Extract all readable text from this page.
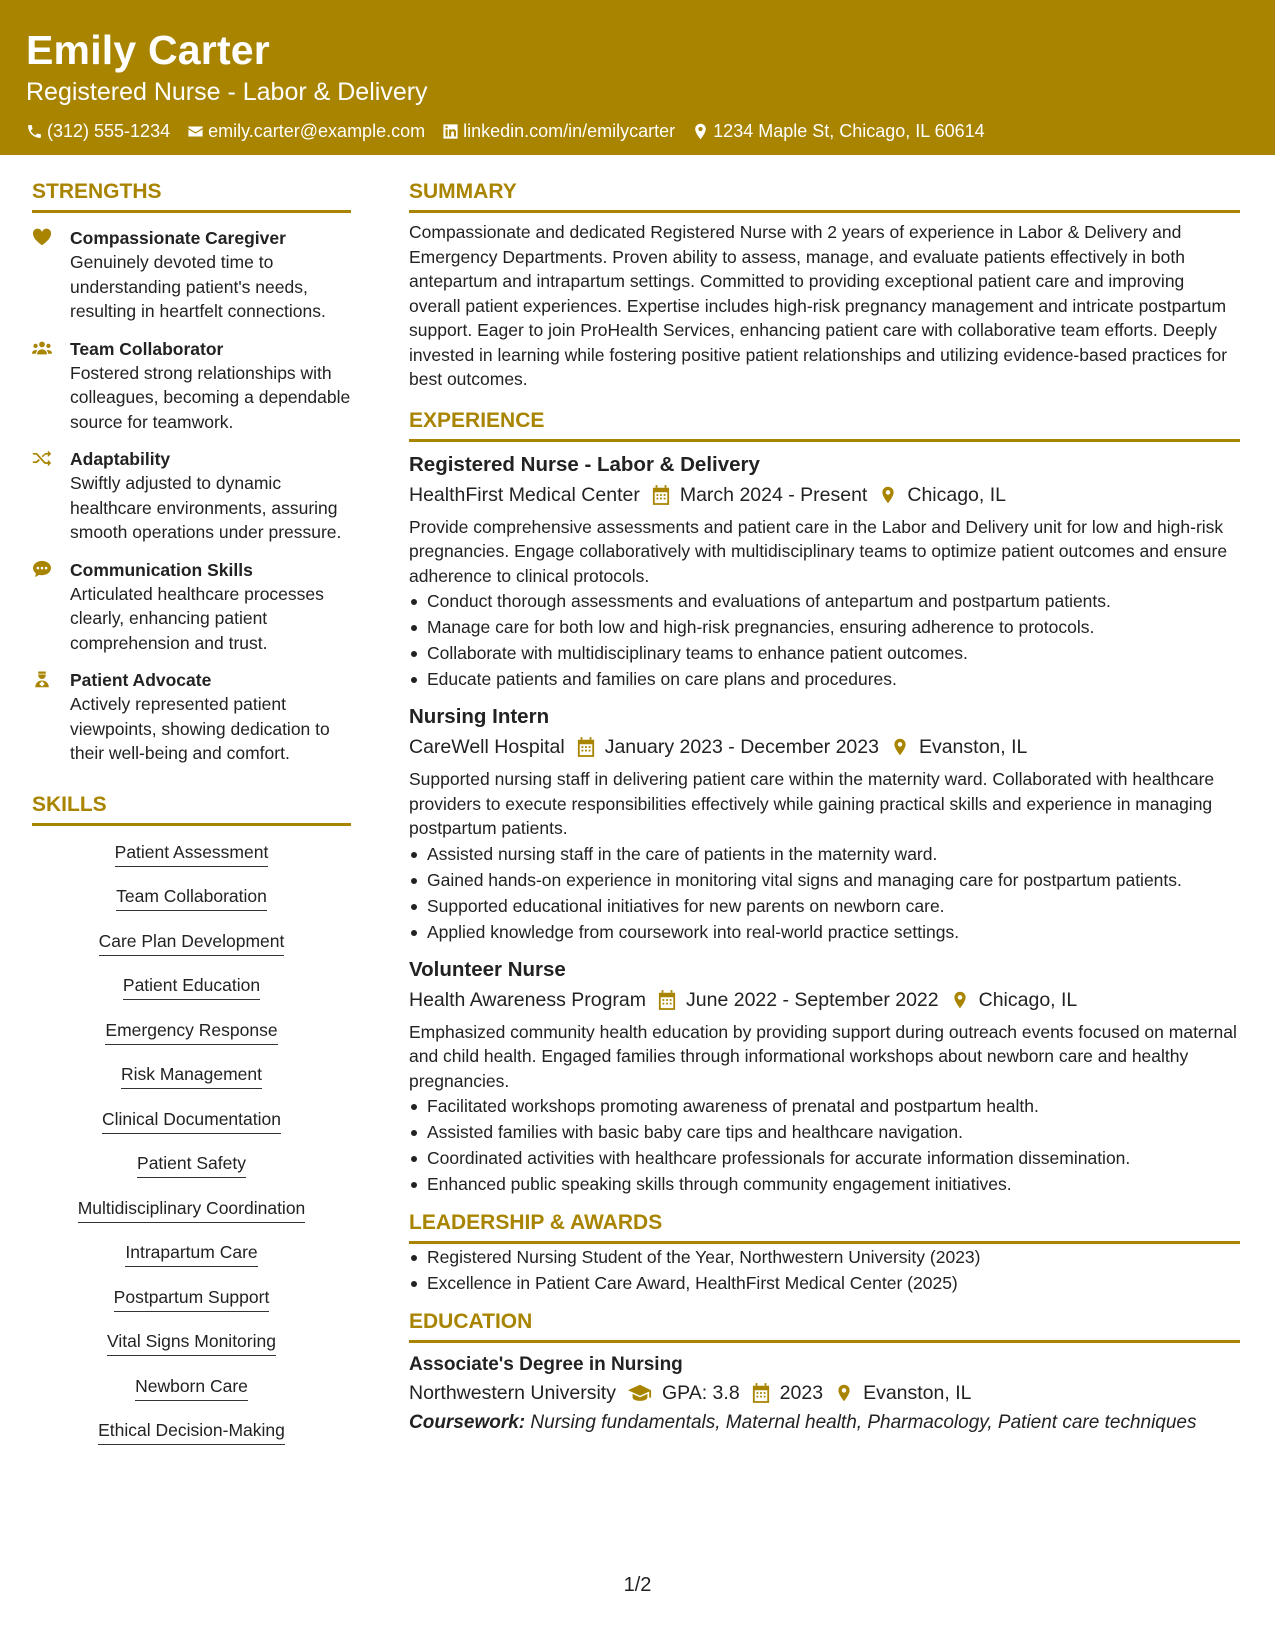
Emily Carter
Registered Nurse - Labor & Delivery
(312) 555-1234 emily.carter@example.com linkedin.com/in/emilycarter 1234 Maple St, Chicago, IL 60614
STRENGTHS
Compassionate Caregiver
Genuinely devoted time to understanding patient's needs, resulting in heartfelt connections.
Team Collaborator
Fostered strong relationships with colleagues, becoming a dependable source for teamwork.
Adaptability
Swiftly adjusted to dynamic healthcare environments, assuring smooth operations under pressure.
Communication Skills
Articulated healthcare processes clearly, enhancing patient comprehension and trust.
Patient Advocate
Actively represented patient viewpoints, showing dedication to their well-being and comfort.
SKILLS
Patient Assessment
Team Collaboration
Care Plan Development
Patient Education
Emergency Response
Risk Management
Clinical Documentation
Patient Safety
Multidisciplinary Coordination
Intrapartum Care
Postpartum Support
Vital Signs Monitoring
Newborn Care
Ethical Decision-Making
SUMMARY
Compassionate and dedicated Registered Nurse with 2 years of experience in Labor & Delivery and Emergency Departments. Proven ability to assess, manage, and evaluate patients effectively in both antepartum and intrapartum settings. Committed to providing exceptional patient care and improving overall patient experiences. Expertise includes high-risk pregnancy management and intricate postpartum support. Eager to join ProHealth Services, enhancing patient care with collaborative team efforts. Deeply invested in learning while fostering positive patient relationships and utilizing evidence-based practices for best outcomes.
EXPERIENCE
Registered Nurse - Labor & Delivery
HealthFirst Medical Center March 2024 - Present Chicago, IL
Provide comprehensive assessments and patient care in the Labor and Delivery unit for low and high-risk pregnancies. Engage collaboratively with multidisciplinary teams to optimize patient outcomes and ensure adherence to clinical protocols.
Conduct thorough assessments and evaluations of antepartum and postpartum patients.
Manage care for both low and high-risk pregnancies, ensuring adherence to protocols.
Collaborate with multidisciplinary teams to enhance patient outcomes.
Educate patients and families on care plans and procedures.
Nursing Intern
CareWell Hospital January 2023 - December 2023 Evanston, IL
Supported nursing staff in delivering patient care within the maternity ward. Collaborated with healthcare providers to execute responsibilities effectively while gaining practical skills and experience in managing postpartum patients.
Assisted nursing staff in the care of patients in the maternity ward.
Gained hands-on experience in monitoring vital signs and managing care for postpartum patients.
Supported educational initiatives for new parents on newborn care.
Applied knowledge from coursework into real-world practice settings.
Volunteer Nurse
Health Awareness Program June 2022 - September 2022 Chicago, IL
Emphasized community health education by providing support during outreach events focused on maternal and child health. Engaged families through informational workshops about newborn care and healthy pregnancies.
Facilitated workshops promoting awareness of prenatal and postpartum health.
Assisted families with basic baby care tips and healthcare navigation.
Coordinated activities with healthcare professionals for accurate information dissemination.
Enhanced public speaking skills through community engagement initiatives.
LEADERSHIP & AWARDS
Registered Nursing Student of the Year, Northwestern University (2023)
Excellence in Patient Care Award, HealthFirst Medical Center (2025)
EDUCATION
Associate's Degree in Nursing
Northwestern University GPA: 3.8 2023 Evanston, IL
Coursework: Nursing fundamentals, Maternal health, Pharmacology, Patient care techniques
1/2
